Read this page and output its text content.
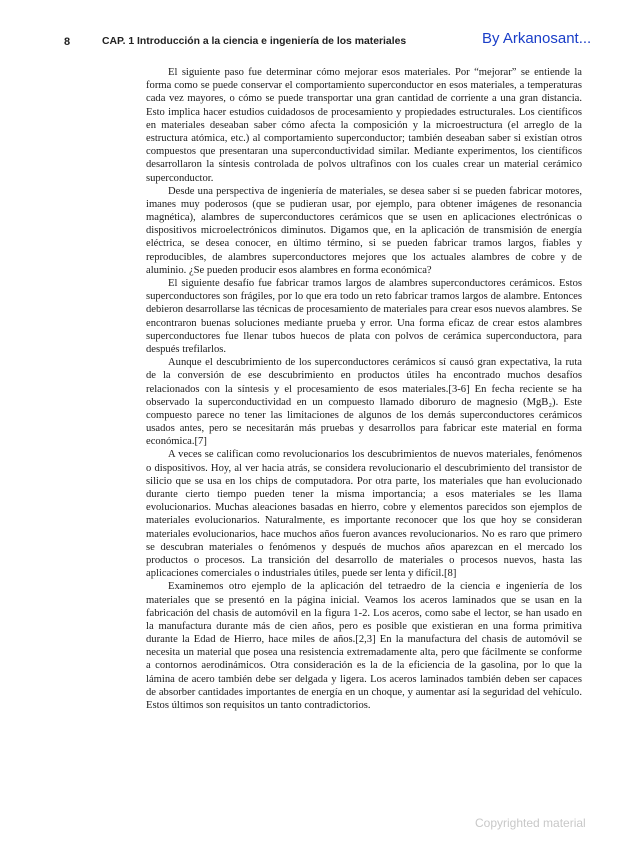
8	CAP. 1 Introducción a la ciencia e ingeniería de los materiales	By Arkanosant...

El siguiente paso fue determinar cómo mejorar esos materiales. Por “mejorar” se entiende la forma como se puede conservar el comportamiento superconductor en esos materiales, a temperaturas cada vez mayores, o cómo se puede transportar una gran cantidad de corriente a una gran distancia. Esto implica hacer estudios cuidadosos de procesamiento y propiedades estructurales. Los científicos en materiales deseaban saber cómo afecta la composición y la microestructura (el arreglo de la estructura atómica, etc.) al comportamiento superconductor; también deseaban saber si existían otros compuestos que presentaran una superconductividad similar. Mediante experimentos, los científicos desarrollaron la síntesis controlada de polvos ultrafinos con los cuales crear un material cerámico superconductor.

Desde una perspectiva de ingeniería de materiales, se desea saber si se pueden fabricar motores, imanes muy poderosos (que se pudieran usar, por ejemplo, para obtener imágenes de resonancia magnética), alambres de superconductores cerámicos que se usen en aplicaciones electrónicas o dispositivos microelectrónicos diminutos. Digamos que, en la aplicación de transmisión de energía eléctrica, se desea conocer, en último término, si se pueden fabricar tramos largos, fiables y reproducibles, de alambres superconductores mejores que los actuales alambres de cobre y de aluminio. ¿Se pueden producir esos alambres en forma económica?

El siguiente desafío fue fabricar tramos largos de alambres superconductores cerámicos. Estos superconductores son frágiles, por lo que era todo un reto fabricar tramos largos de alambre. Entonces debieron desarrollarse las técnicas de procesamiento de materiales para crear esos nuevos alambres. Se encontraron buenas soluciones mediante prueba y error. Una forma eficaz de crear estos alambres superconductores fue llenar tubos huecos de plata con polvos de cerámica superconductora, para después trefilarlos.

Aunque el descubrimiento de los superconductores cerámicos sí causó gran expectativa, la ruta de la conversión de ese descubrimiento en productos útiles ha encontrado muchos desafíos relacionados con la síntesis y el procesamiento de esos materiales.[3-6] En fecha reciente se ha observado la superconductividad en un compuesto llamado diboruro de magnesio (MgB₂). Este compuesto parece no tener las limitaciones de algunos de los demás superconductores cerámicos usados antes, pero se necesitarán más pruebas y desarrollos para fabricar este material en forma económica.[7]

A veces se califican como revolucionarios los descubrimientos de nuevos materiales, fenómenos o dispositivos. Hoy, al ver hacia atrás, se considera revolucionario el descubrimiento del transistor de silicio que se usa en los chips de computadora. Por otra parte, los materiales que han evolucionado durante cierto tiempo pueden tener la misma importancia; a esos materiales se les llama evolucionarios. Muchas aleaciones basadas en hierro, cobre y elementos parecidos son ejemplos de materiales evolucionarios. Naturalmente, es importante reconocer que los que hoy se consideran materiales evolucionarios, hace muchos años fueron avances revolucionarios. No es raro que primero se descubran materiales o fenómenos y después de muchos años aparezcan en el mercado los productos o procesos. La transición del desarrollo de materiales o procesos nuevos, hasta las aplicaciones comerciales o industriales útiles, puede ser lenta y difícil.[8]

Examinemos otro ejemplo de la aplicación del tetraedro de la ciencia e ingeniería de los materiales que se presentó en la página inicial. Veamos los aceros laminados que se usan en la fabricación del chasis de automóvil en la figura 1-2. Los aceros, como sabe el lector, se han usado en la manufactura durante más de cien años, pero es posible que existieran en una forma primitiva durante la Edad de Hierro, hace miles de años.[2,3] En la manufactura del chasis de automóvil se necesita un material que posea una resistencia extremadamente alta, pero que fácilmente se conforme a contornos aerodinámicos. Otra consideración es la de la eficiencia de la gasolina, por lo que la lámina de acero también debe ser delgada y ligera. Los aceros laminados también deben ser capaces de absorber cantidades importantes de energía en un choque, y aumentar así la seguridad del vehículo. Estos últimos son requisitos un tanto contradictorios.

Copyrighted material
